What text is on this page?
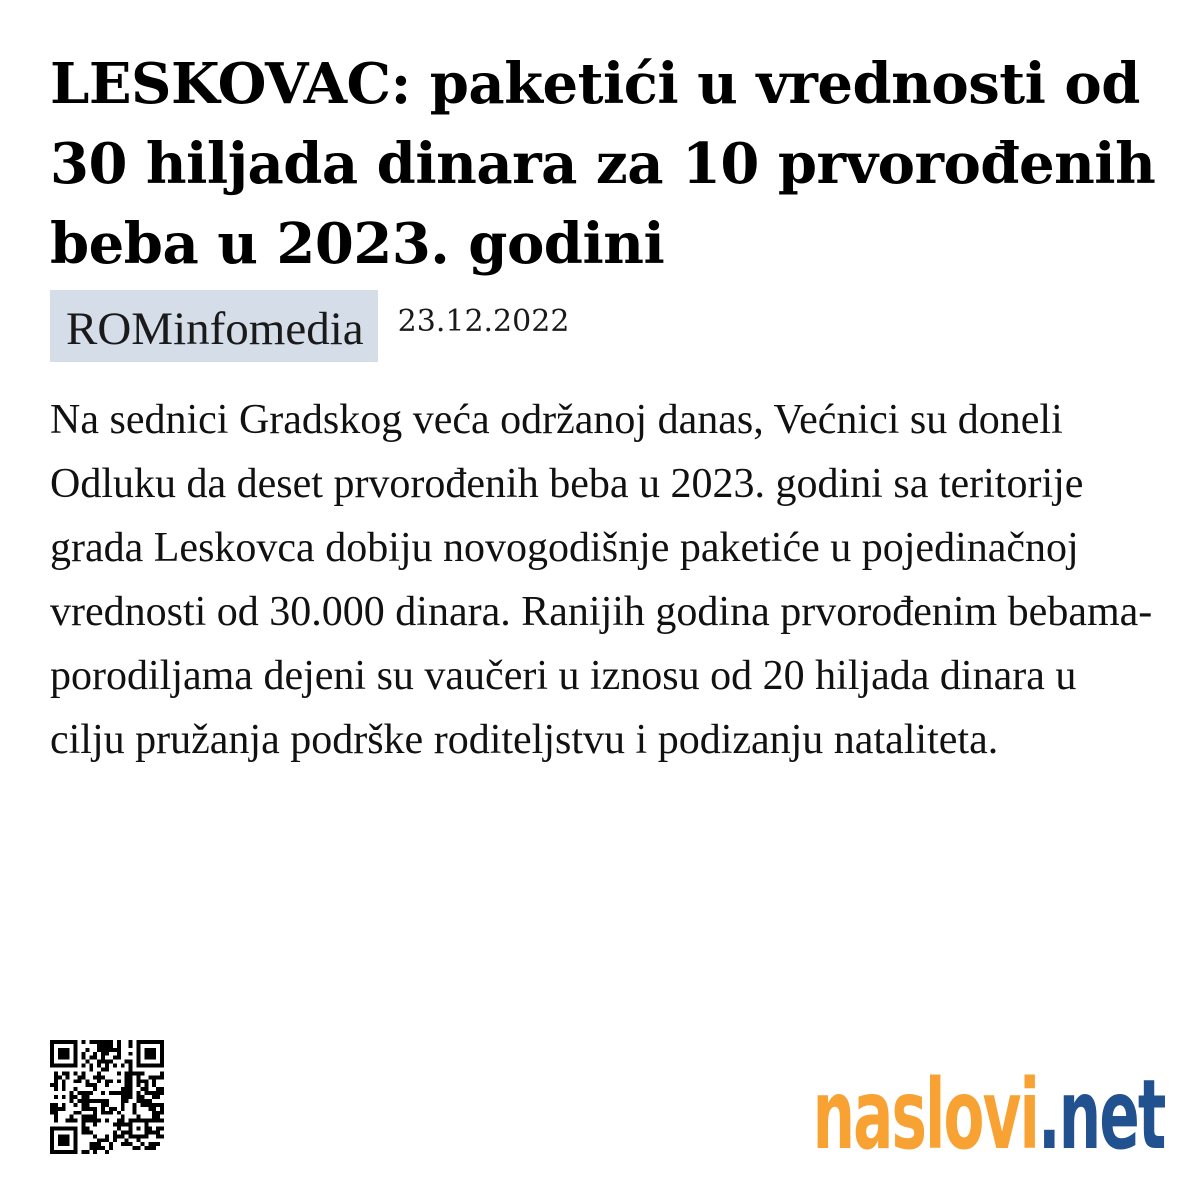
LESKOVAC: paketići u vrednosti od 30 hiljada dinara za 10 prvorođenih beba u 2023. godini
ROMinfomedia	23.12.2022

Na sednici Gradskog veća održanoj danas, Većnici su doneli Odluku da deset prvorođenih beba u 2023. godini sa teritorije grada Leskovca dobiju novogodišnje paketiće u pojedinačnoj vrednosti od 30.000 dinara. Ranijih godina prvorođenim bebama-porodiljama dejeni su vaučeri u iznosu od 20 hiljada dinara u cilju pružanja podrške roditeljstvu i podizanju nataliteta.

naslovi.net
